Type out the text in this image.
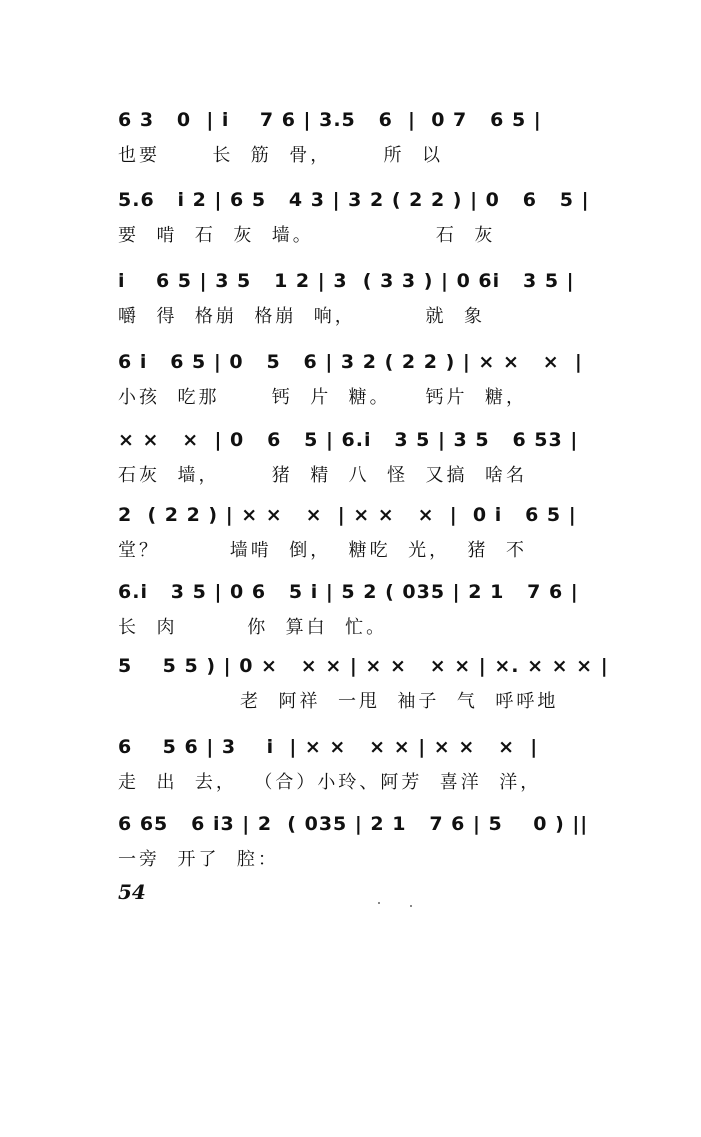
6 3   0  | i    7 6 | 3.5   6  |  0 7   6 5 |
也要      长  筋  骨，      所  以
5.6   i 2 | 6 5   4 3 | 3 2 ( 2 2 ) | 0   6   5 |
要  啃  石  灰  墙。              石  灰
i    6 5 | 3 5   1 2 | 3  ( 3 3 ) | 0 6i   3 5 |
嚼  得  格崩  格崩  响，        就  象
6 i   6 5 | 0   5   6 | 3 2 ( 2 2 ) | × ×   ×  |
小孩  吃那      钙  片  糖。    钙片  糖，
× ×   ×  | 0   6   5 | 6.i   3 5 | 3 5   6 53 |
石灰  墙，      猪  精  八  怪  又搞  啥名
2  ( 2 2 ) | × ×   ×  | × ×   ×  |  0 i   6 5 |
堂？        墙啃  倒，  糖吃  光，  猪  不
6.i   3 5 | 0 6   5 i | 5 2 ( 035 | 2 1   7 6 |
长  肉        你  算白  忙。
5    5 5 ) | 0 ×   × × | × ×   × × | ×. × × × |
老  阿祥  一甩  袖子  气  呼呼地
6    5 6 | 3    i  | × ×   × × | × ×   ×  |
走  出  去，  （合）小玲、阿芳  喜洋  洋，
6 65   6 i3 | 2  ( 035 | 2 1   7 6 | 5    0 ) ||
一旁  开了  腔：
54
